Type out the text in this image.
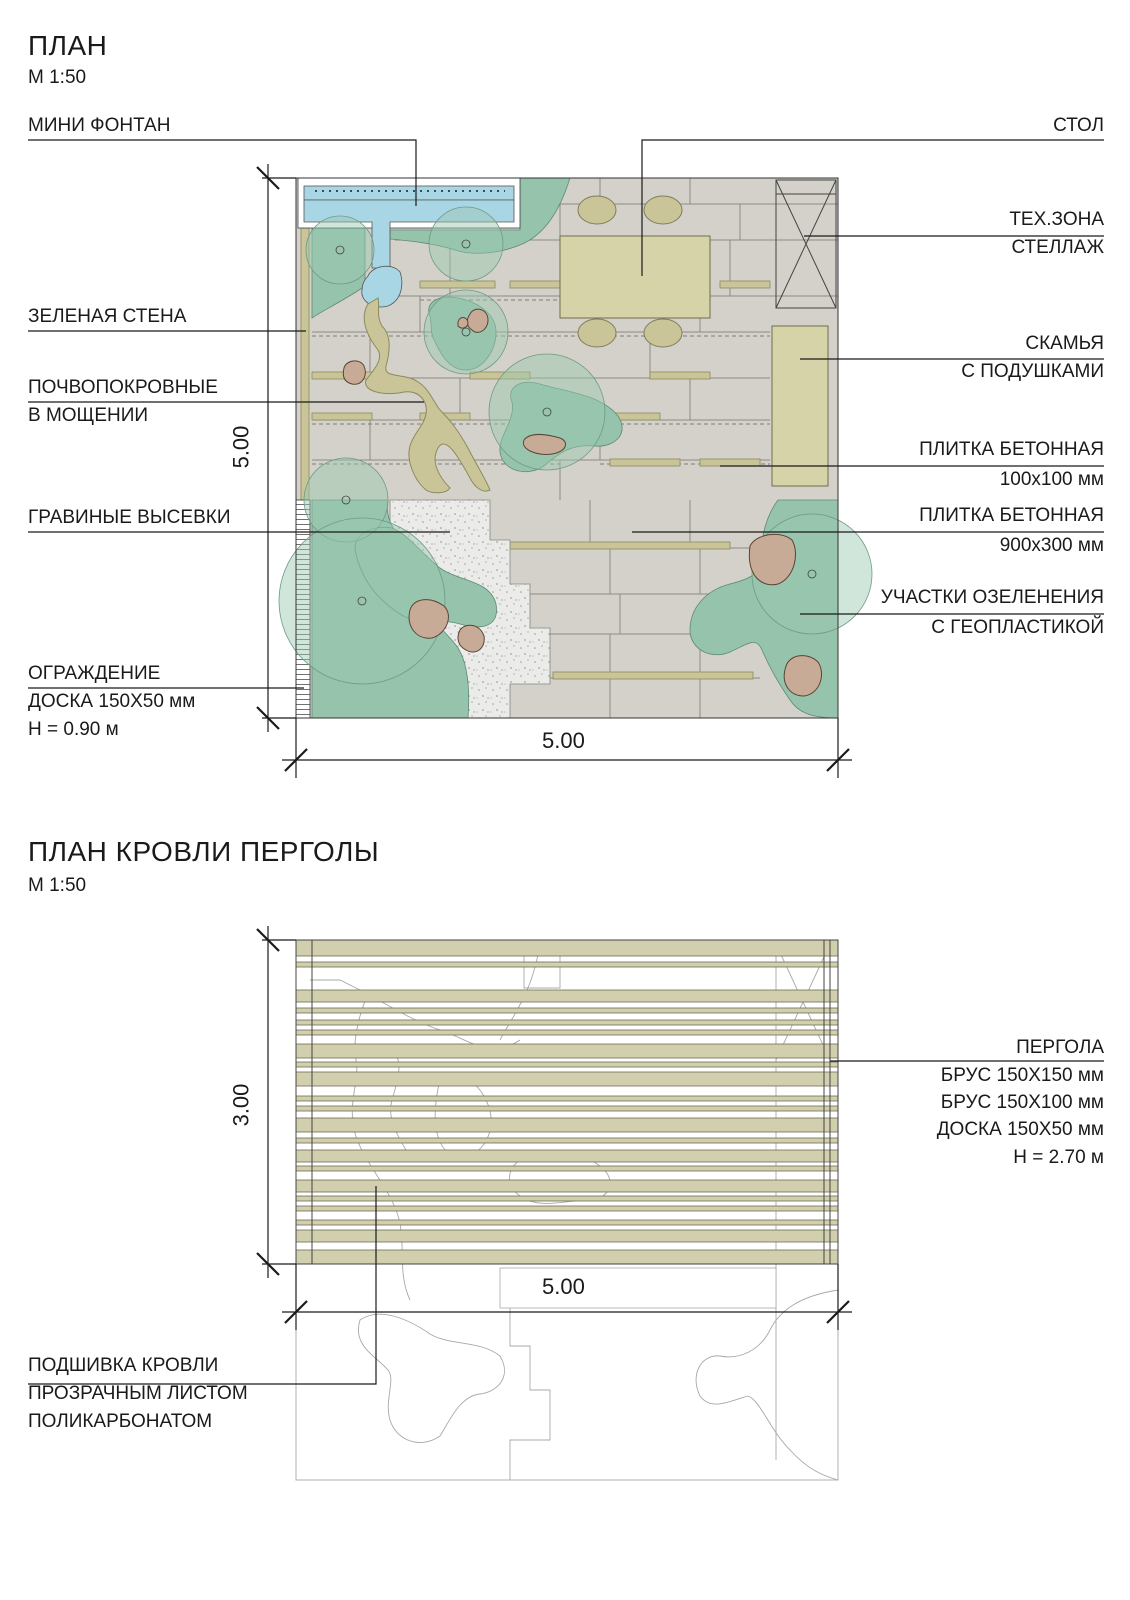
ПЛАН
М 1:50
МИНИ ФОНТАН
ЗЕЛЕНАЯ СТЕНА
ПОЧВОПОКРОВНЫЕ
В МОЩЕНИИ
ГРАВИНЫЕ ВЫСЕВКИ
ОГРАЖДЕНИЕ
ДОСКА 150Х50 мм
Н = 0.90 м
СТОЛ
ТЕХ.ЗОНА
СТЕЛЛАЖ
СКАМЬЯ
С ПОДУШКАМИ
ПЛИТКА БЕТОННАЯ
100х100 мм
ПЛИТКА БЕТОННАЯ
900х300 мм
УЧАСТКИ ОЗЕЛЕНЕНИЯ
С ГЕОПЛАСТИКОЙ
5.00
5.00
ПЛАН КРОВЛИ ПЕРГОЛЫ
М 1:50
ПЕРГОЛА
БРУС 150Х150 мм
БРУС 150Х100 мм
ДОСКА 150Х50 мм
Н = 2.70 м
ПОДШИВКА КРОВЛИ
ПРОЗРАЧНЫМ ЛИСТОМ
ПОЛИКАРБОНАТОМ
5.00
3.00
